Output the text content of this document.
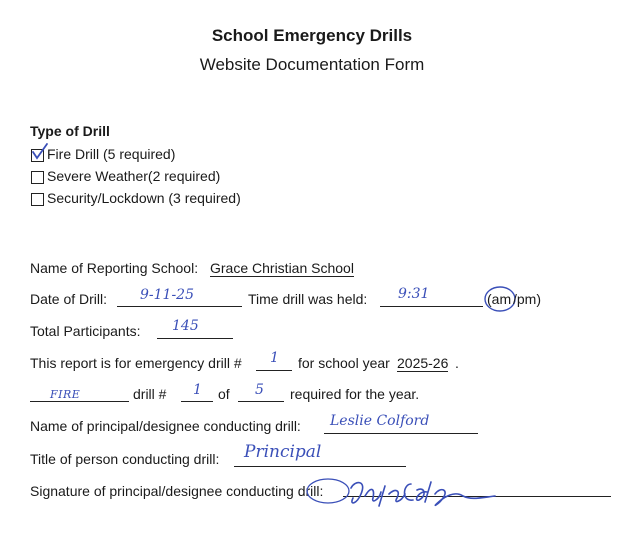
School Emergency Drills
Website Documentation Form
Type of Drill
Fire Drill (5 required)
Severe Weather(2 required)
Security/Lockdown (3 required)
Name of Reporting School: Grace Christian School
Date of Drill: 9-11-25	Time drill was held: 9:31	(am /pm)
Total Participants: 145
This report is for emergency drill # 1 for school year 2025-26 .
FIRE	drill # 1 of 5 required for the year.
Name of principal/designee conducting drill: Leslie Colford
Title of person conducting drill: Principal
Signature of principal/designee conducting drill:
